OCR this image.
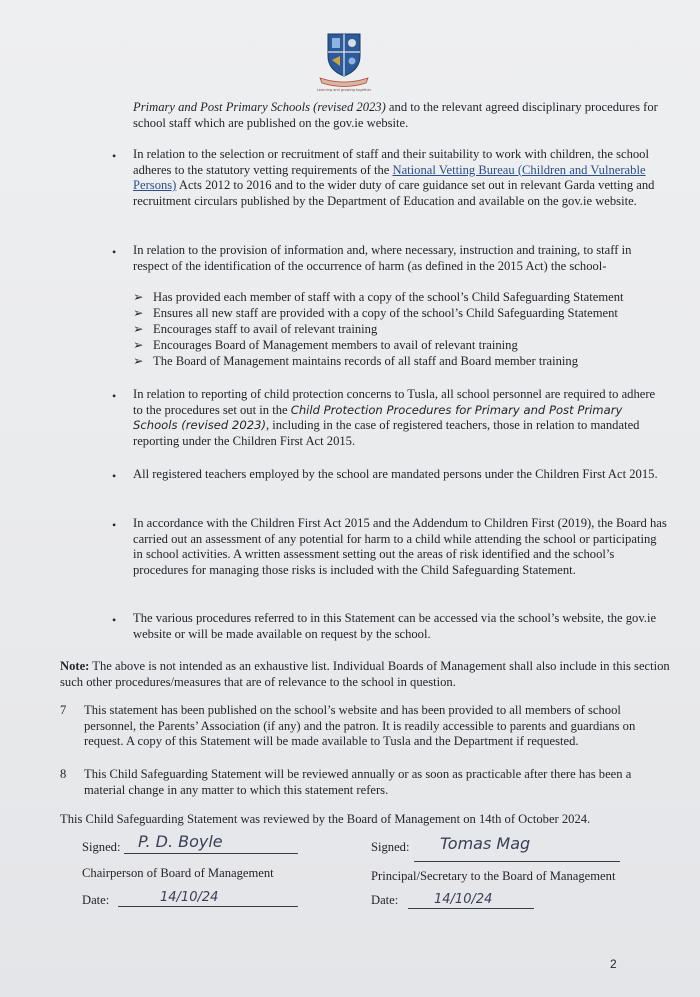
Learning and growing together

Primary and Post Primary Schools (revised 2023) and to the relevant agreed disciplinary procedures for school staff which are published on the gov.ie website.

• In relation to the selection or recruitment of staff and their suitability to work with children, the school adheres to the statutory vetting requirements of the National Vetting Bureau (Children and Vulnerable Persons) Acts 2012 to 2016 and to the wider duty of care guidance set out in relevant Garda vetting and recruitment circulars published by the Department of Education and available on the gov.ie website.

• In relation to the provision of information and, where necessary, instruction and training, to staff in respect of the identification of the occurrence of harm (as defined in the 2015 Act) the school-

➢ Has provided each member of staff with a copy of the school’s Child Safeguarding Statement
➢ Ensures all new staff are provided with a copy of the school’s Child Safeguarding Statement
➢ Encourages staff to avail of relevant training
➢ Encourages Board of Management members to avail of relevant training
➢ The Board of Management maintains records of all staff and Board member training
• In relation to reporting of child protection concerns to Tusla, all school personnel are required to adhere to the procedures set out in the Child Protection Procedures for Primary and Post Primary Schools (revised 2023), including in the case of registered teachers, those in relation to mandated reporting under the Children First Act 2015.

• All registered teachers employed by the school are mandated persons under the Children First Act 2015.

• In accordance with the Children First Act 2015 and the Addendum to Children First (2019), the Board has carried out an assessment of any potential for harm to a child while attending the school or participating in school activities. A written assessment setting out the areas of risk identified and the school’s procedures for managing those risks is included with the Child Safeguarding Statement.

• The various procedures referred to in this Statement can be accessed via the school’s website, the gov.ie website or will be made available on request by the school.

Note: The above is not intended as an exhaustive list. Individual Boards of Management shall also include in this section such other procedures/measures that are of relevance to the school in question.

7 This statement has been published on the school’s website and has been provided to all members of school personnel, the Parents’ Association (if any) and the patron. It is readily accessible to parents and guardians on request. A copy of this Statement will be made available to Tusla and the Department if requested.

8 This Child Safeguarding Statement will be reviewed annually or as soon as practicable after there has been a material change in any matter to which this statement refers.

This Child Safeguarding Statement was reviewed by the Board of Management on 14th of October 2024.
Signed: P. D. Boyle
Chairperson of Board of Management
Date:	14/10/24
Signed: Tomas Mag
Principal/Secretary to the Board of Management
Date:	14/10/24
2
